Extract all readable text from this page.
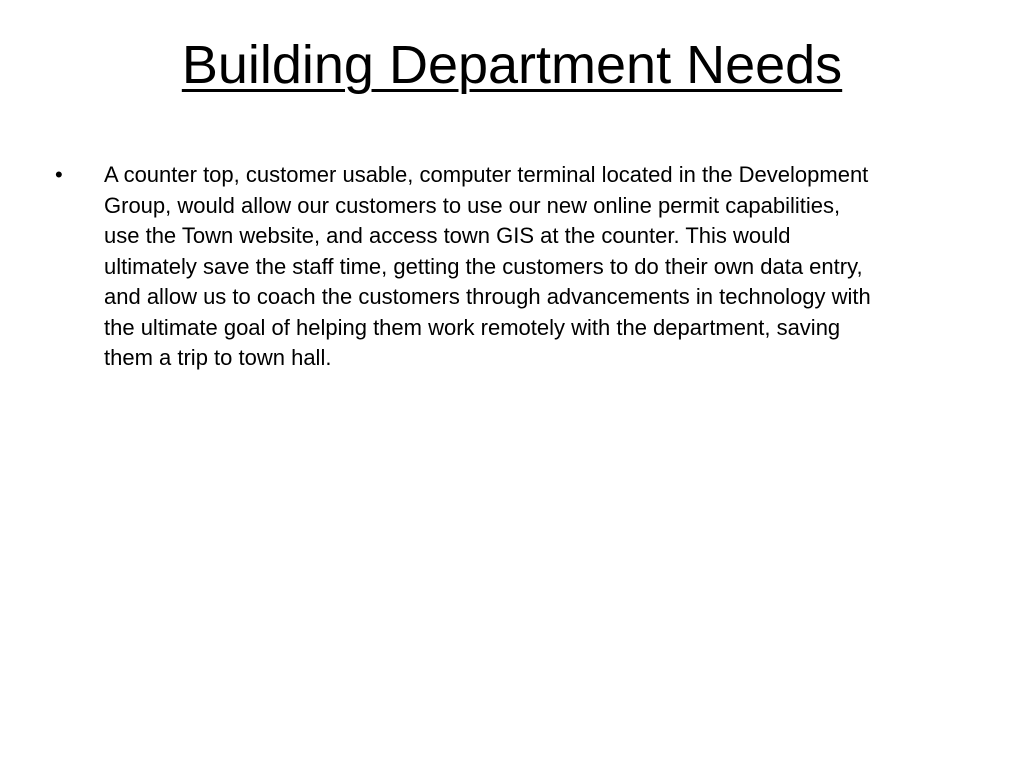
Building Department Needs
• A counter top, customer usable, computer terminal located in the Development Group, would allow our customers to use our new online permit capabilities, use the Town website, and access town GIS at the counter. This would ultimately save the staff time, getting the customers to do their own data entry, and allow us to coach the customers through advancements in technology with the ultimate goal of helping them work remotely with the department, saving them a trip to town hall.
